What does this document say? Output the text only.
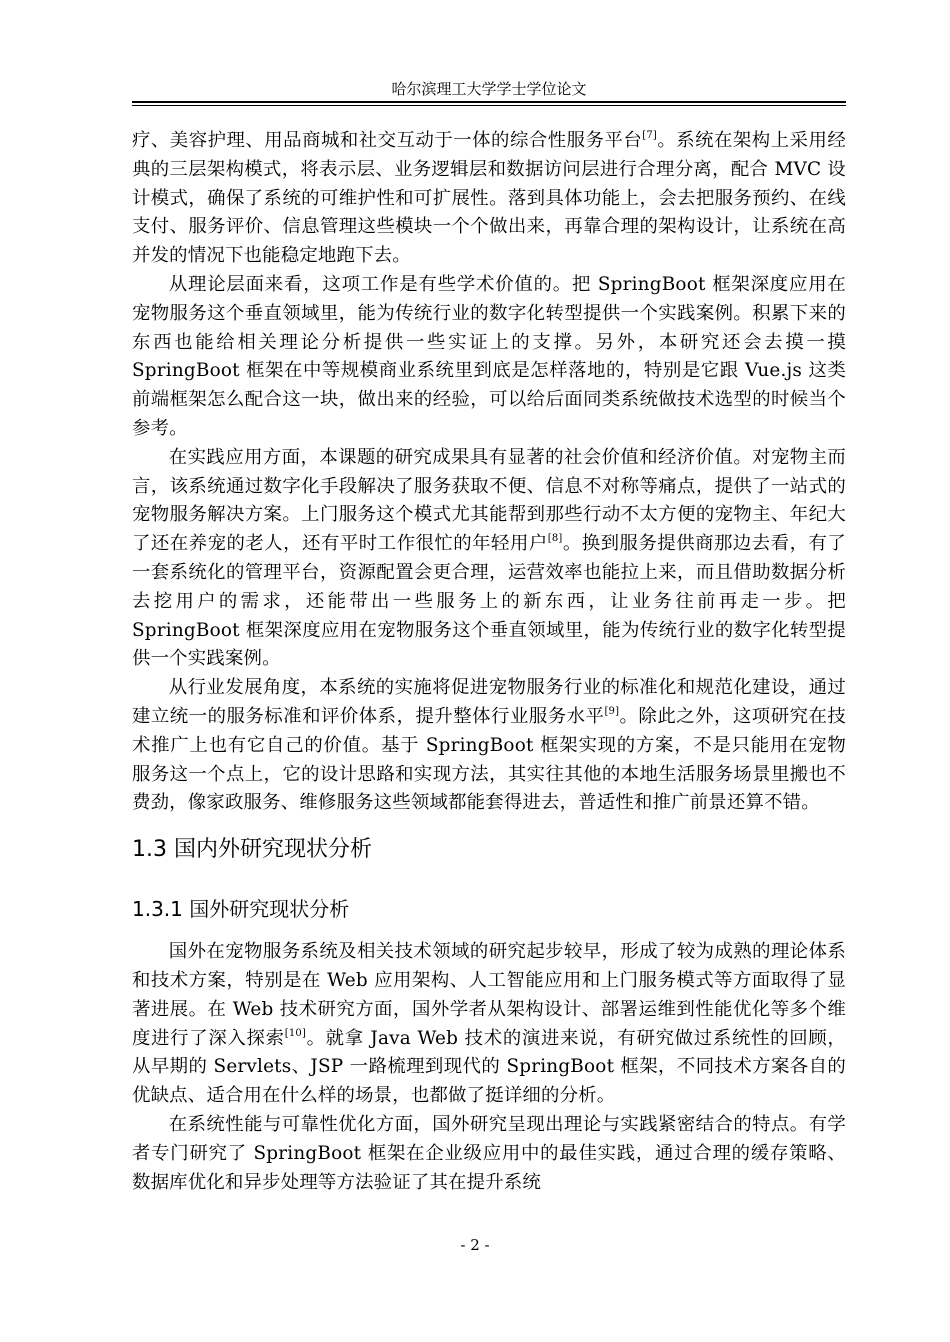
哈尔滨理工大学学士学位论文

疗、美容护理、用品商城和社交互动于一体的综合性服务平台[7]。系统在架构上采用经典的三层架构模式，将表示层、业务逻辑层和数据访问层进行合理分离，配合 MVC 设计模式，确保了系统的可维护性和可扩展性。落到具体功能上，会去把服务预约、在线支付、服务评价、信息管理这些模块一个个做出来，再靠合理的架构设计，让系统在高并发的情况下也能稳定地跑下去。

从理论层面来看，这项工作是有些学术价值的。把 SpringBoot 框架深度应用在宠物服务这个垂直领域里，能为传统行业的数字化转型提供一个实践案例。积累下来的东西也能给相关理论分析提供一些实证上的支撑。另外，本研究还会去摸一摸 SpringBoot 框架在中等规模商业系统里到底是怎样落地的，特别是它跟 Vue.js 这类前端框架怎么配合这一块，做出来的经验，可以给后面同类系统做技术选型的时候当个参考。

在实践应用方面，本课题的研究成果具有显著的社会价值和经济价值。对宠物主而言，该系统通过数字化手段解决了服务获取不便、信息不对称等痛点，提供了一站式的宠物服务解决方案。上门服务这个模式尤其能帮到那些行动不太方便的宠物主、年纪大了还在养宠的老人，还有平时工作很忙的年轻用户[8]。换到服务提供商那边去看，有了一套系统化的管理平台，资源配置会更合理，运营效率也能拉上来，而且借助数据分析去挖用户的需求，还能带出一些服务上的新东西，让业务往前再走一步。把 SpringBoot 框架深度应用在宠物服务这个垂直领域里，能为传统行业的数字化转型提供一个实践案例。

从行业发展角度，本系统的实施将促进宠物服务行业的标准化和规范化建设，通过建立统一的服务标准和评价体系，提升整体行业服务水平[9]。除此之外，这项研究在技术推广上也有它自己的价值。基于 SpringBoot 框架实现的方案，不是只能用在宠物服务这一个点上，它的设计思路和实现方法，其实往其他的本地生活服务场景里搬也不费劲，像家政服务、维修服务这些领域都能套得进去，普适性和推广前景还算不错。

1.3 国内外研究现状分析
1.3.1 国外研究现状分析

国外在宠物服务系统及相关技术领域的研究起步较早，形成了较为成熟的理论体系和技术方案，特别是在 Web 应用架构、人工智能应用和上门服务模式等方面取得了显著进展。在 Web 技术研究方面，国外学者从架构设计、部署运维到性能优化等多个维度进行了深入探索[10]。就拿 Java Web 技术的演进来说，有研究做过系统性的回顾，从早期的 Servlets、JSP 一路梳理到现代的 SpringBoot 框架，不同技术方案各自的优缺点、适合用在什么样的场景，也都做了挺详细的分析。

在系统性能与可靠性优化方面，国外研究呈现出理论与实践紧密结合的特点。有学者专门研究了 SpringBoot 框架在企业级应用中的最佳实践，通过合理的缓存策略、数据库优化和异步处理等方法验证了其在提升系统

- 2 -
